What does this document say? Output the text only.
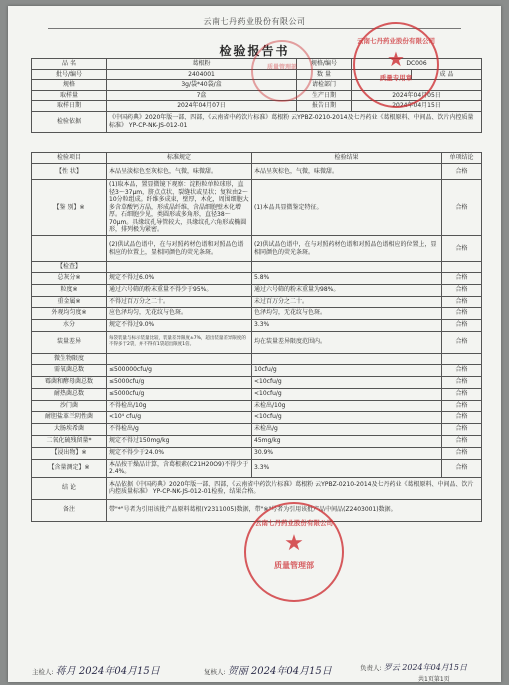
云南七丹药业股份有限公司
检验报告书
品 名	葛根粉	规格/编号	DC006	
批号/编号	2404001	数 量		成 品
规格	3g/袋*40袋/盒	请检部门		
取样量	7盒	生产日期	2024年04月05日	
取样日期	2024年04月07日	报告日期	2024年04月15日	
检验依据	《中国药典》2020年版一部、四部，《云南省中药饮片标准》葛根粉 云YPBZ-0210-2014及七丹药业《葛根原料、中间品、饮片内控质量标准》 YP-CP-NK-JS-012-01			
检验项目	标准规定	检验结果	单项结论
【性 状】	本品呈淡棕色至灰棕色，气微，味微甜。	本品呈灰棕色，气微，味微甜。	合格
【鉴 别】※	(1)取本品，置显微镜下观察：淀粉粒单粒球形，直径3～37μm，脐点点状、裂缝状或星状；复粒由2～10分粒组成。纤维多成束，壁厚，木化，周围细胞大多含草酸钙方晶，形成晶纤维，含晶细胞壁木化增厚。石细胞少见，类圆形或多角形，直径38～70μm。具缘纹孔导管较大，具缘纹孔六角形或椭圆形，排列极为紧密。	(1)本品具显微鉴定特征。	合格
	(2)供试品色谱中，在与对照药材色谱和对照品色谱相应的位置上，显相同颜色的荧光条斑。	(2)供试品色谱中，在与对照药材色谱和对照品色谱相应的位置上，显相同颜色的荧光条斑。	合格
【检查】			
总灰分※	规定不得过6.0%	5.8%	合格
粒度※	通过六号筛的粉末重量不得少于95%。	通过六号筛的粉末重量为98%。	合格
重金属※	不得过百万分之二十。	未过百万分之二十。	合格
外观均匀度※	应色泽均匀，无花纹与色斑。	色泽均匀，无花纹与色斑。	合格
水分	规定不得过9.0%	3.3%	合格
装量差异	每袋装量与标示装量比较，装量差异限度±7%，超出装量差异限度的不得多于2袋，并不得有1袋超出限度1倍。	均在装量差异限度范围内。	合格
微生物限度			
需氧菌总数	≤500000cfu/g	10cfu/g	合格
霉菌和酵母菌总数	≤5000cfu/g	<10cfu/g	合格
耐热菌总数	≤5000cfu/g	<10cfu/g	合格
沙门菌	不得检出/10g	未检出/10g	合格
耐胆盐革兰阴性菌	<10⁴ cfu/g	<10cfu/g	合格
大肠埃希菌	不得检出/g	未检出/g	合格
二氧化硫残留量*	规定不得过150mg/kg	45mg/kg	合格
【浸出物】※	规定不得少于24.0%	30.9%	合格
【含量测定】※	本品按干燥品计算，含葛根素(C21H20O9)不得少于2.4%。	3.3%	合格
结 论	本品依据《中国药典》2020年版一部、四部，《云南省中药饮片标准》葛根粉 云YPBZ-0210-2014及七丹药业《葛根原料、中间品、饮片内控质量标准》 YP-CP-NK-JS-012-01检验，结果合格。		
备注	带"*"号者为引用该批产品原料葛根(Y2311005)数据，带"※"号者为引用该批产品中间品(Z2403001)数据。		
主检人: 蒋月 2024年04月15日	复核人: 贺丽 2024年04月15日	负责人: 罗云 2024年04月15日
共1页第1页
云南七丹药业股份有限公司
★
质量专用章
质量管理部
云南七丹药业股份有限公司
★
质量管理部
